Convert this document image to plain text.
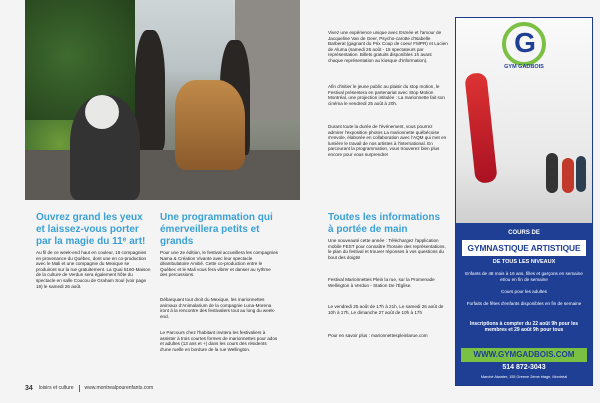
Vivez une expérience unique avec Esmée et l'amour de Jacqueline Van de Geer, Psycho-carotte d'Isabelle Barberat (gagnant du Prix Coup de coeur FMPR) et Lucien de Aluma (samedi 26 août - 15 spectateurs par représentation. Billets gratuits disponibles 1h avant chaque représentation au kiosque d'information).

Afin d'initier le jeune public au plaisir du stop motion, le Festival présentera en partenariat avec Stop Motion Montréal, une projection intitulée : La marionnette fait son cinéma le vendredi 25 août à 20h.

Durant toute la durée de l'événement, vous pourrez admirer l'exposition photos La marionnette québécoise s'envole, élaborée en collaboration avec l'AQM qui met en lumière le travail de nos artistes à l'international. En parcourant la programmation, vous trouverez bien plus encore pour vous surprendre!

Ouvrez grand les yeux et laissez-vous porter par la magie du 11ᵉ art!

Au fil de ce week-end haut en couleur, 15 compagnies en provenance du Québec, dont une en co-production avec le Mali et une compagnie du Mexique se produiront sur la rue gratuitement. La Quai 5160-Maison de la culture de Verdun sera également hôte du spectacle en salle Coucou de Graham Soul (voir page 19) le samedi 26 août.

Une programmation qui émerveillera petits et grands

Pour une 2e édition, le festival accueillera les compagnies Nama & Création Vivante avec leur spectacle déambulatoire Amitié. Cette co-production entre le Québec et le Mali vous fera vibrer et danser au rythme des percussions.

Débarquant tout droit du Mexique, les marionnettes animaux d'Animalarium de la compagnie Luna-Morena iront à la rencontre des festivaliers tout au long du week-end.

Le Parcours chez l'habitant invitera les festivaliers à assister à trois courtes formes de marionnettes pour ados et adultes (13 ans et +) dans les cours des résidents d'une ruelle en bordure de la rue Wellington.

Toutes les informations à portée de main

Une nouveauté cette année : Téléchargez l'application mobile FEST pour connaître l'horaire des représentations, le plan du festival et trouver réponses à vos questions du bout des doigts!

Festival Marionnettes Plein la rue, sur la Promenade Wellington à Verdun - Station De l'Église.

Le vendredi 25 août de 17h à 21h, Le samedi 26 août de 10h à 17h, Le dimanche 27 août de 10h à 17h

Pour en savoir plus : marionnettespleinlarue.com

34 loisirs et culture www.montrealpourenfants.com
G
GYM GADBOIS
COURS DE
GYMNASTIQUE ARTISTIQUE
DE TOUS LES NIVEAUX
Enfants de 48 mois à 16 ans, filles et garçons en semaine et/ou en fin de semaine
Cours pour les adultes
Forfaits de fêtes d'enfants disponibles en fin de semaine
Inscriptions à compter du 22 août 9h pour les membres et 29 août 9h pour tous
WWW.GYMGADBOIS.COM
514 872-3043
Marché Atwater, 155 Greene 2ème étage, Montréal
